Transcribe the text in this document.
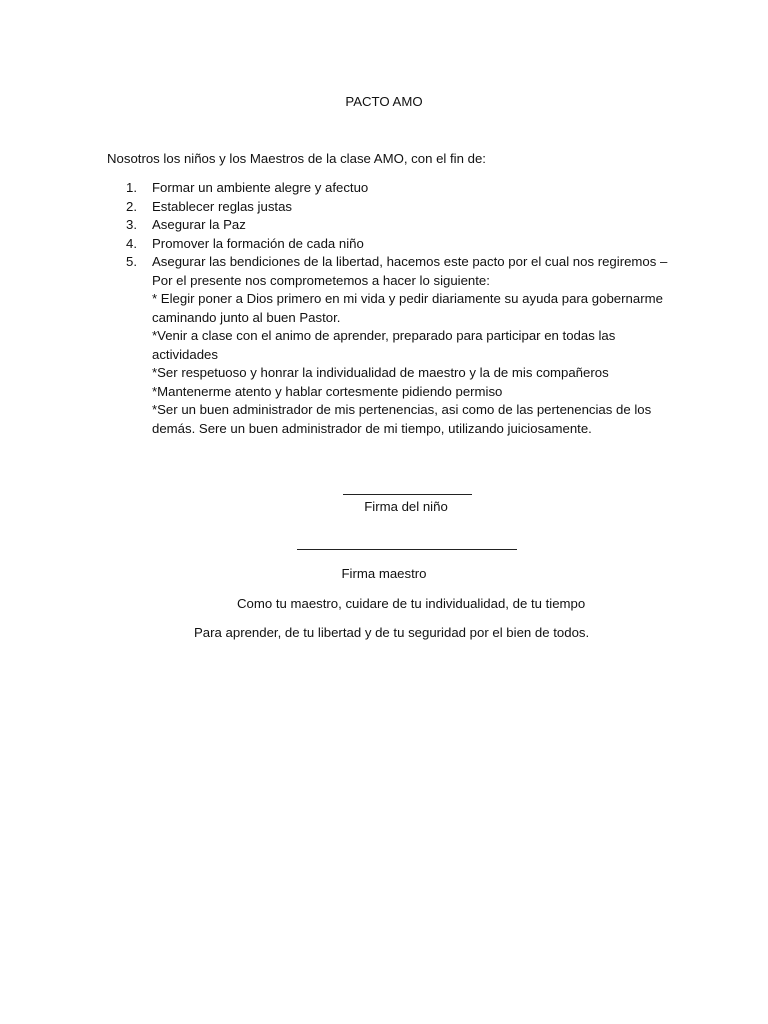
PACTO AMO
Nosotros los niños y los Maestros de la clase AMO, con el fin de:
1. Formar un ambiente alegre y afectuo
2. Establecer reglas justas
3. Asegurar la Paz
4. Promover la formación de cada niño
5. Asegurar las bendiciones de la libertad, hacemos este pacto por el cual nos regiremos –
Por el presente nos comprometemos a hacer lo siguiente:
* Elegir poner a Dios primero en mi vida y pedir diariamente su ayuda para gobernarme
caminando junto al buen Pastor.
*Venir a clase con el animo de aprender, preparado para participar en todas las
actividades
*Ser respetuoso y honrar la individualidad de maestro y la de mis compañeros
*Mantenerme atento y hablar cortesmente pidiendo permiso
*Ser un buen administrador de mis pertenencias, asi como de las pertenencias de los
demás. Sere un buen administrador de mi tiempo, utilizando juiciosamente.
Firma del niño
Firma maestro
Como tu maestro, cuidare de tu individualidad, de tu tiempo
Para aprender, de tu libertad y de tu seguridad por el bien de todos.
